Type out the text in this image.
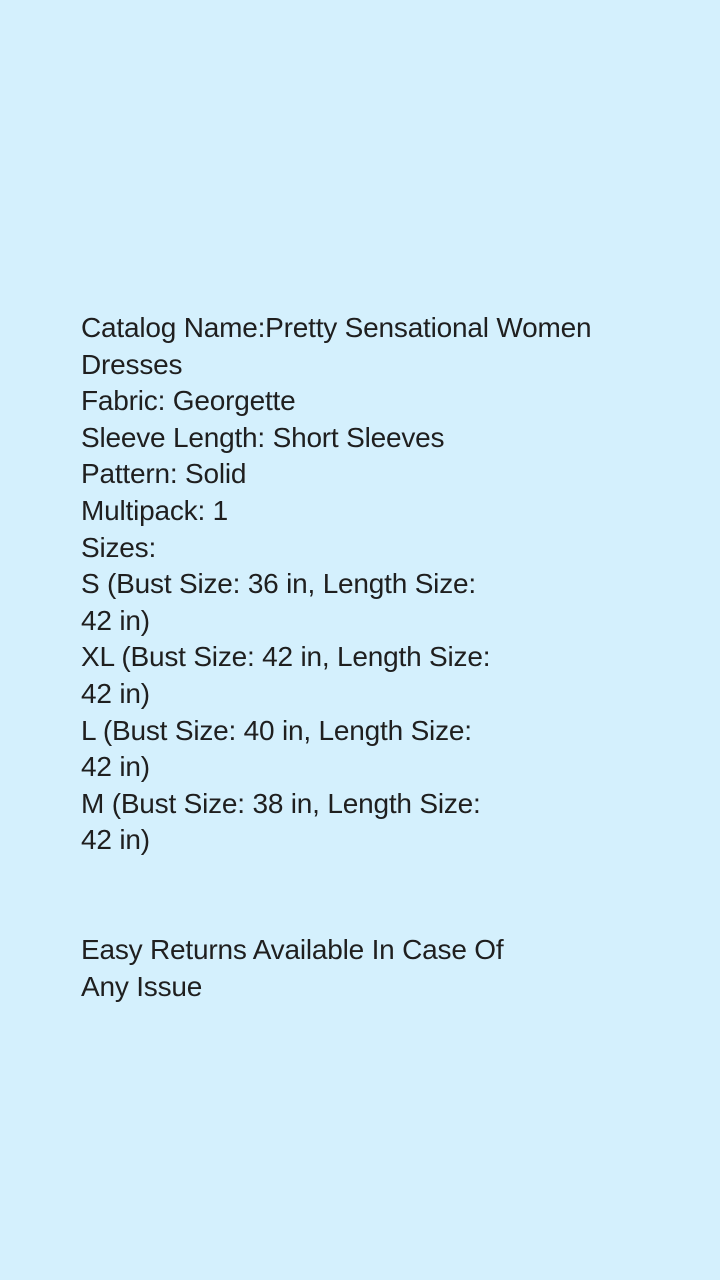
Catalog Name:Pretty Sensational Women
Dresses
Fabric: Georgette
Sleeve Length: Short Sleeves
Pattern: Solid
Multipack: 1
Sizes:
S (Bust Size: 36 in, Length Size:
42 in)
XL (Bust Size: 42 in, Length Size:
42 in)
L (Bust Size: 40 in, Length Size:
42 in)
M (Bust Size: 38 in, Length Size:
42 in)
Easy Returns Available In Case Of
Any Issue
